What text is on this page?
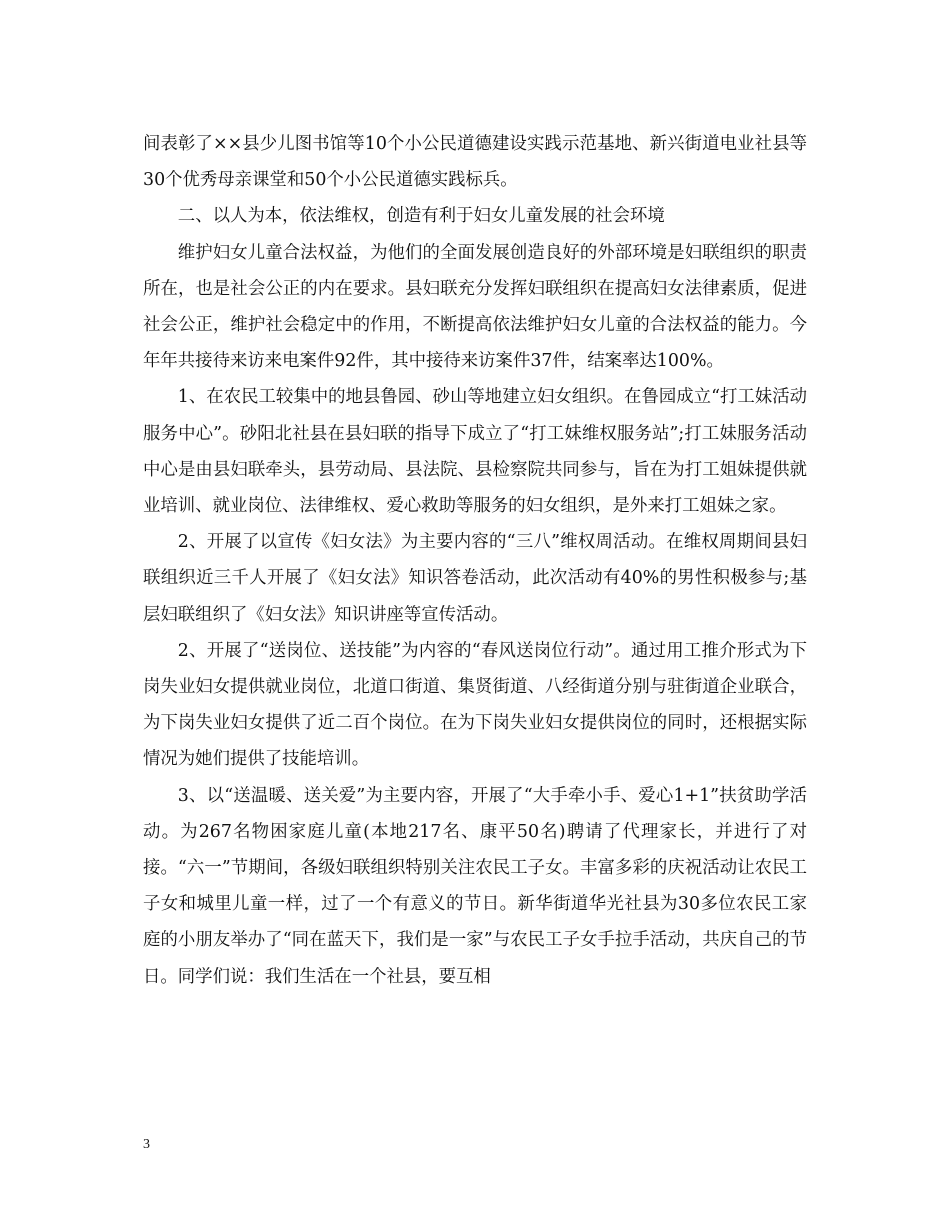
间表彰了××县少儿图书馆等10个小公民道德建设实践示范基地、新兴街道电业社县等30个优秀母亲课堂和50个小公民道德实践标兵。

二、以人为本，依法维权，创造有利于妇女儿童发展的社会环境

维护妇女儿童合法权益，为他们的全面发展创造良好的外部环境是妇联组织的职责所在，也是社会公正的内在要求。县妇联充分发挥妇联组织在提高妇女法律素质，促进社会公正，维护社会稳定中的作用，不断提高依法维护妇女儿童的合法权益的能力。今年年共接待来访来电案件92件，其中接待来访案件37件，结案率达100%。

1、在农民工较集中的地县鲁园、砂山等地建立妇女组织。在鲁园成立“打工妹活动服务中心”。砂阳北社县在县妇联的指导下成立了“打工妹维权服务站”;打工妹服务活动中心是由县妇联牵头，县劳动局、县法院、县检察院共同参与，旨在为打工姐妹提供就业培训、就业岗位、法律维权、爱心救助等服务的妇女组织，是外来打工姐妹之家。

2、开展了以宣传《妇女法》为主要内容的“三八”维权周活动。在维权周期间县妇联组织近三千人开展了《妇女法》知识答卷活动，此次活动有40%的男性积极参与;基层妇联组织了《妇女法》知识讲座等宣传活动。

2、开展了“送岗位、送技能”为内容的“春风送岗位行动”。通过用工推介形式为下岗失业妇女提供就业岗位，北道口街道、集贤街道、八经街道分别与驻街道企业联合，为下岗失业妇女提供了近二百个岗位。在为下岗失业妇女提供岗位的同时，还根据实际情况为她们提供了技能培训。

3、以“送温暖、送关爱”为主要内容，开展了“大手牵小手、爱心1+1”扶贫助学活动。为267名物困家庭儿童(本地217名、康平50名)聘请了代理家长，并进行了对接。“六一”节期间，各级妇联组织特别关注农民工子女。丰富多彩的庆祝活动让农民工子女和城里儿童一样，过了一个有意义的节日。新华街道华光社县为30多位农民工家庭的小朋友举办了“同在蓝天下，我们是一家”与农民工子女手拉手活动，共庆自己的节日。同学们说：我们生活在一个社县，要互相

3
